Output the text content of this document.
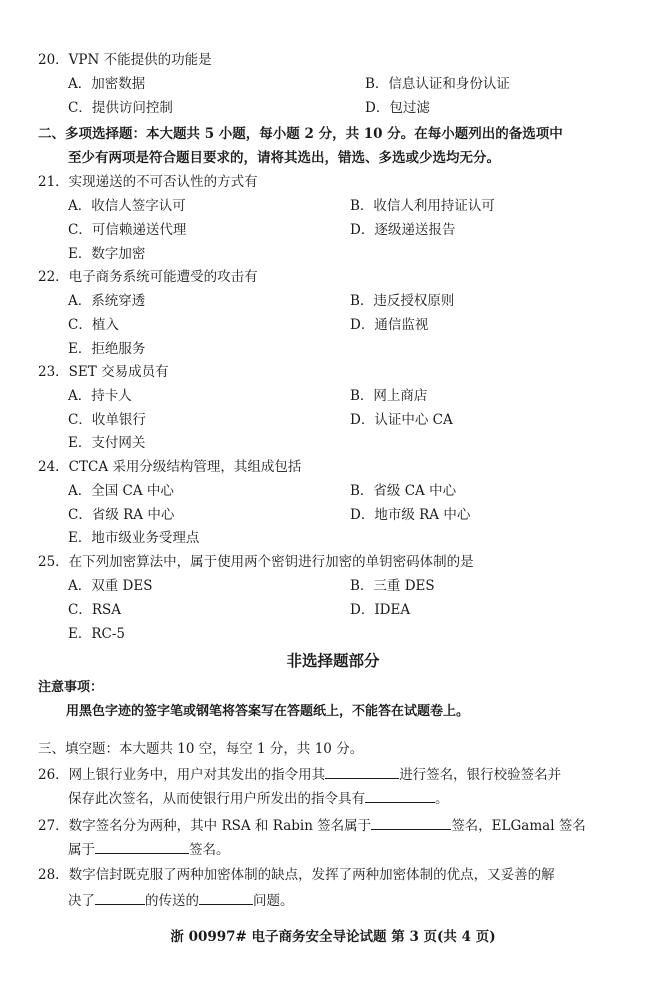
20．VPN 不能提供的功能是
A．加密数据	B．信息认证和身份认证
C．提供访问控制	D．包过滤
二、多项选择题：本大题共 5 小题，每小题 2 分，共 10 分。在每小题列出的备选项中
至少有两项是符合题目要求的，请将其选出，错选、多选或少选均无分。
21．实现递送的不可否认性的方式有
A．收信人签字认可	B．收信人利用持证认可
C．可信赖递送代理	D．逐级递送报告
E．数字加密
22．电子商务系统可能遭受的攻击有
A．系统穿透	B．违反授权原则
C．植入	D．通信监视
E．拒绝服务
23．SET 交易成员有
A．持卡人	B．网上商店
C．收单银行	D．认证中心 CA
E．支付网关
24．CTCA 采用分级结构管理，其组成包括
A．全国 CA 中心	B．省级 CA 中心
C．省级 RA 中心	D．地市级 RA 中心
E．地市级业务受理点
25．在下列加密算法中，属于使用两个密钥进行加密的单钥密码体制的是
A．双重 DES	B．三重 DES
C．RSA	D．IDEA
E．RC-5
非选择题部分
注意事项：
用黑色字迹的签字笔或钢笔将答案写在答题纸上，不能答在试题卷上。
三、填空题：本大题共 10 空，每空 1 分，共 10 分。
26．网上银行业务中，用户对其发出的指令用其	进行签名，银行校验签名并
保存此次签名，从而使银行用户所发出的指令具有	。
27．数字签名分为两种，其中 RSA 和 Rabin 签名属于	签名，ELGamal 签名
属于	签名。
28．数字信封既克服了两种加密体制的缺点，发挥了两种加密体制的优点，又妥善的解
决了	的传送的	问题。
浙 00997# 电子商务安全导论试题 第 3 页(共 4 页)
